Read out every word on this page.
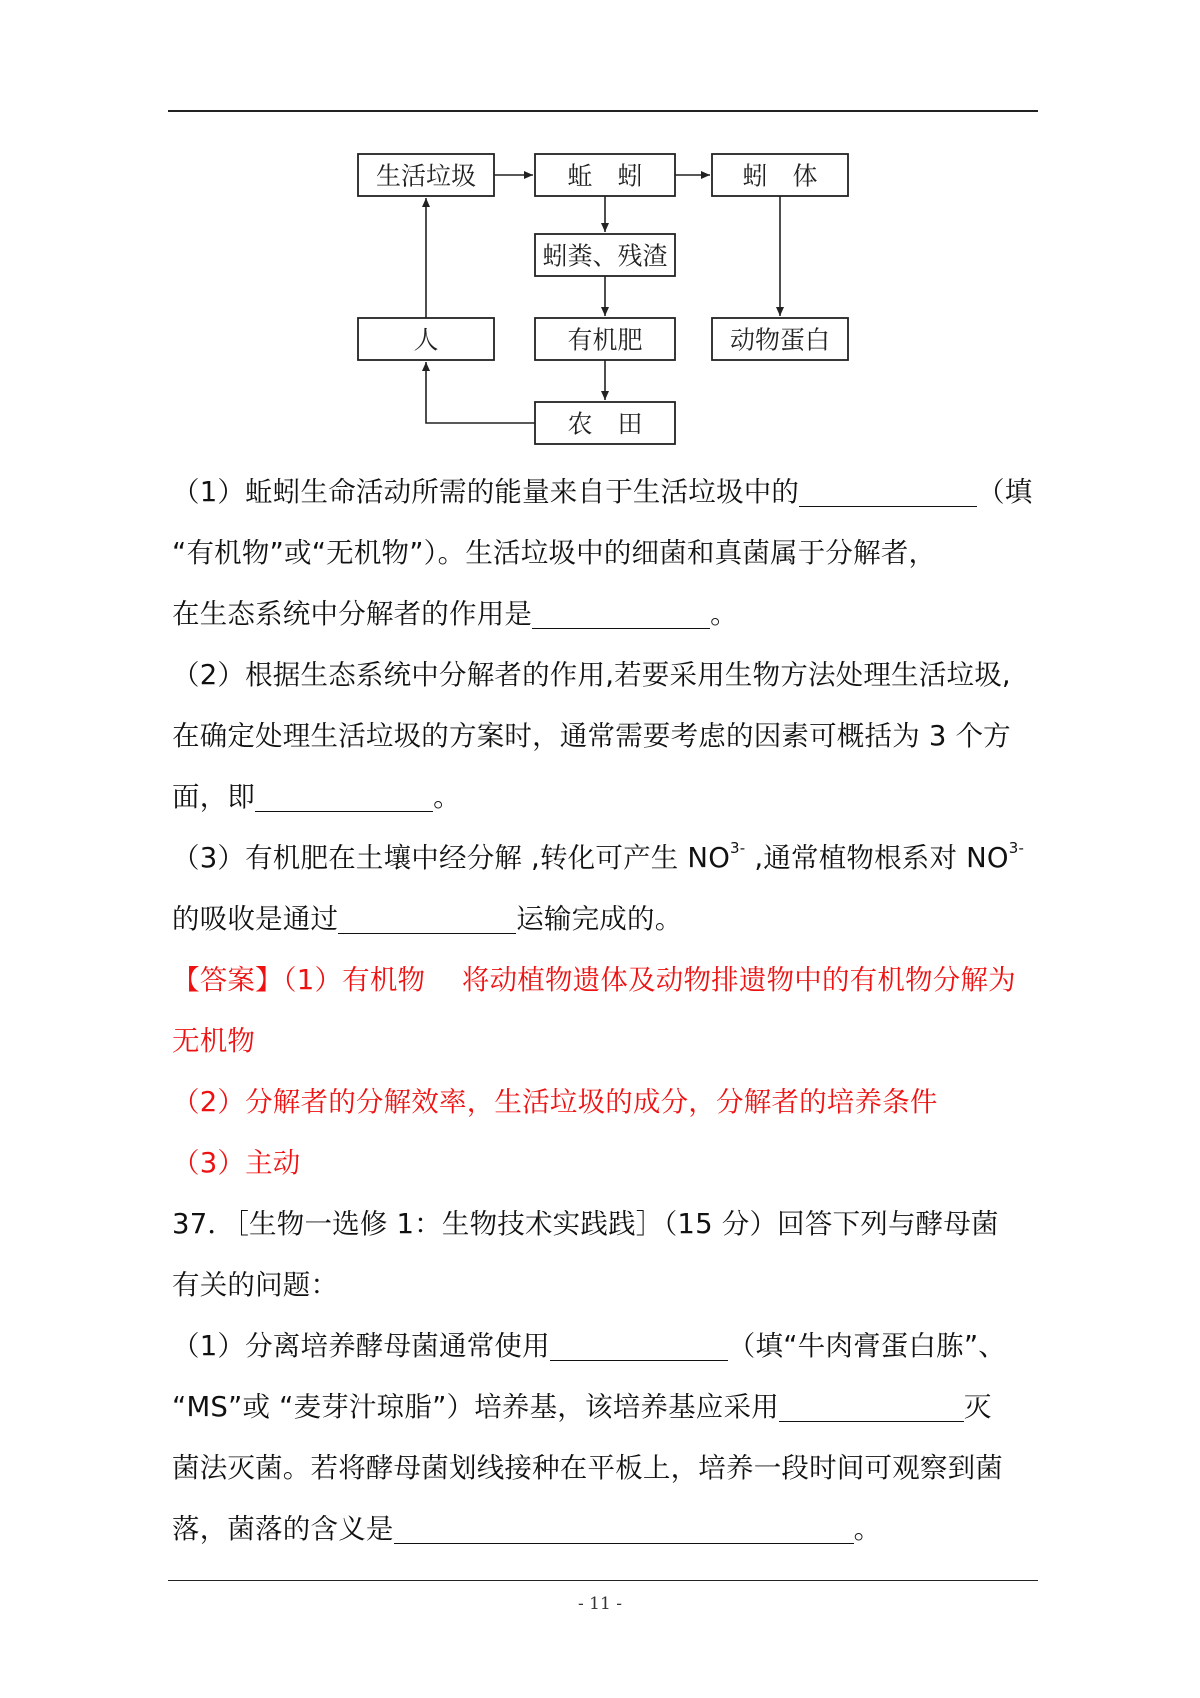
生活垃圾	蚯　蚓	蚓　体
蚓粪、残渣
人	有机肥	动物蛋白
农　田
（1）蚯蚓生命活动所需的能量来自于生活垃圾中的	（填
“有机物”或“无机物”）。生活垃圾中的细菌和真菌属于分解者，
在生态系统中分解者的作用是	。
（2）根据生态系统中分解者的作用,若要采用生物方法处理生活垃圾,
在确定处理生活垃圾的方案时，通常需要考虑的因素可概括为 3 个方
面，即	。
（3）有机肥在土壤中经分解 ,转化可产生 $NO^{3-}$ ,通常植物根系对 $NO^{3-}$
的吸收是通过	运输完成的。
【答案】（1）有机物　 将动植物遗体及动物排遗物中的有机物分解为
无机物
（2）分解者的分解效率，生活垃圾的成分，分解者的培养条件
（3）主动
37．［生物一选修 1：生物技术实践践］（15 分）回答下列与酵母菌
有关的问题：
（1）分离培养酵母菌通常使用	（填“牛肉膏蛋白胨”、
“MS”或 “麦芽汁琼脂”）培养基，该培养基应采用	灭
菌法灭菌。若将酵母菌划线接种在平板上，培养一段时间可观察到菌
落，菌落的含义是	。
- 11 -
